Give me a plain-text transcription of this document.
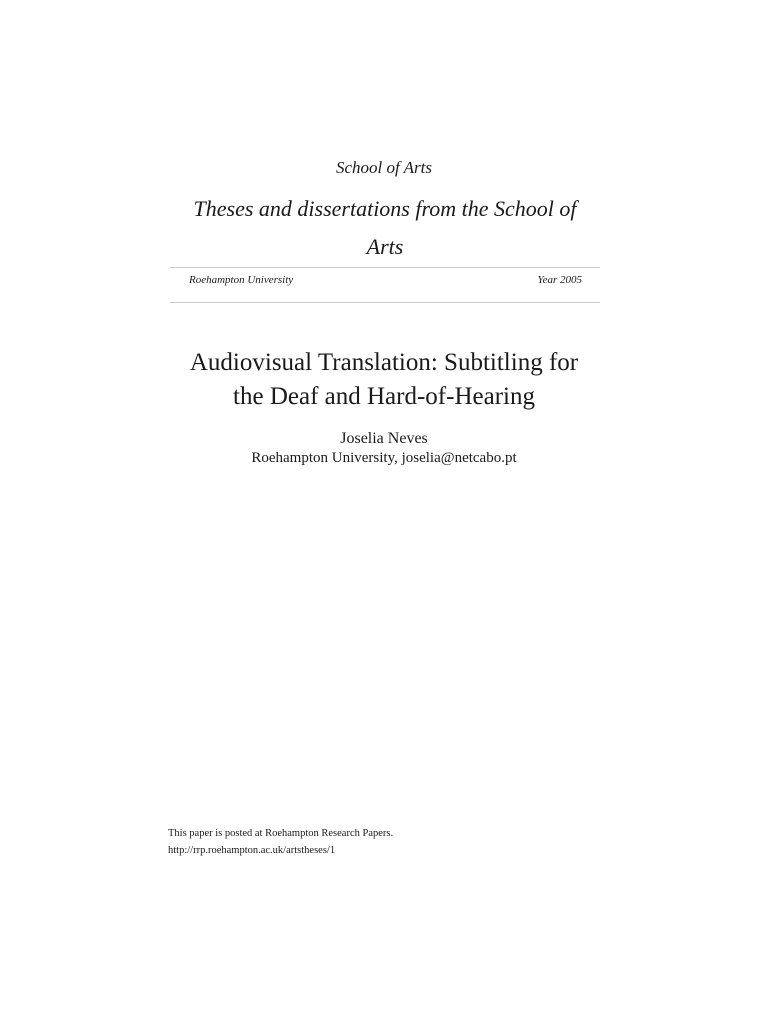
School of Arts
Theses and dissertations from the School of
Arts
Roehampton University	Year 2005
Audiovisual Translation: Subtitling for
the Deaf and Hard-of-Hearing
Joselia Neves
Roehampton University, joselia@netcabo.pt
This paper is posted at Roehampton Research Papers.
http://rrp.roehampton.ac.uk/artstheses/1
